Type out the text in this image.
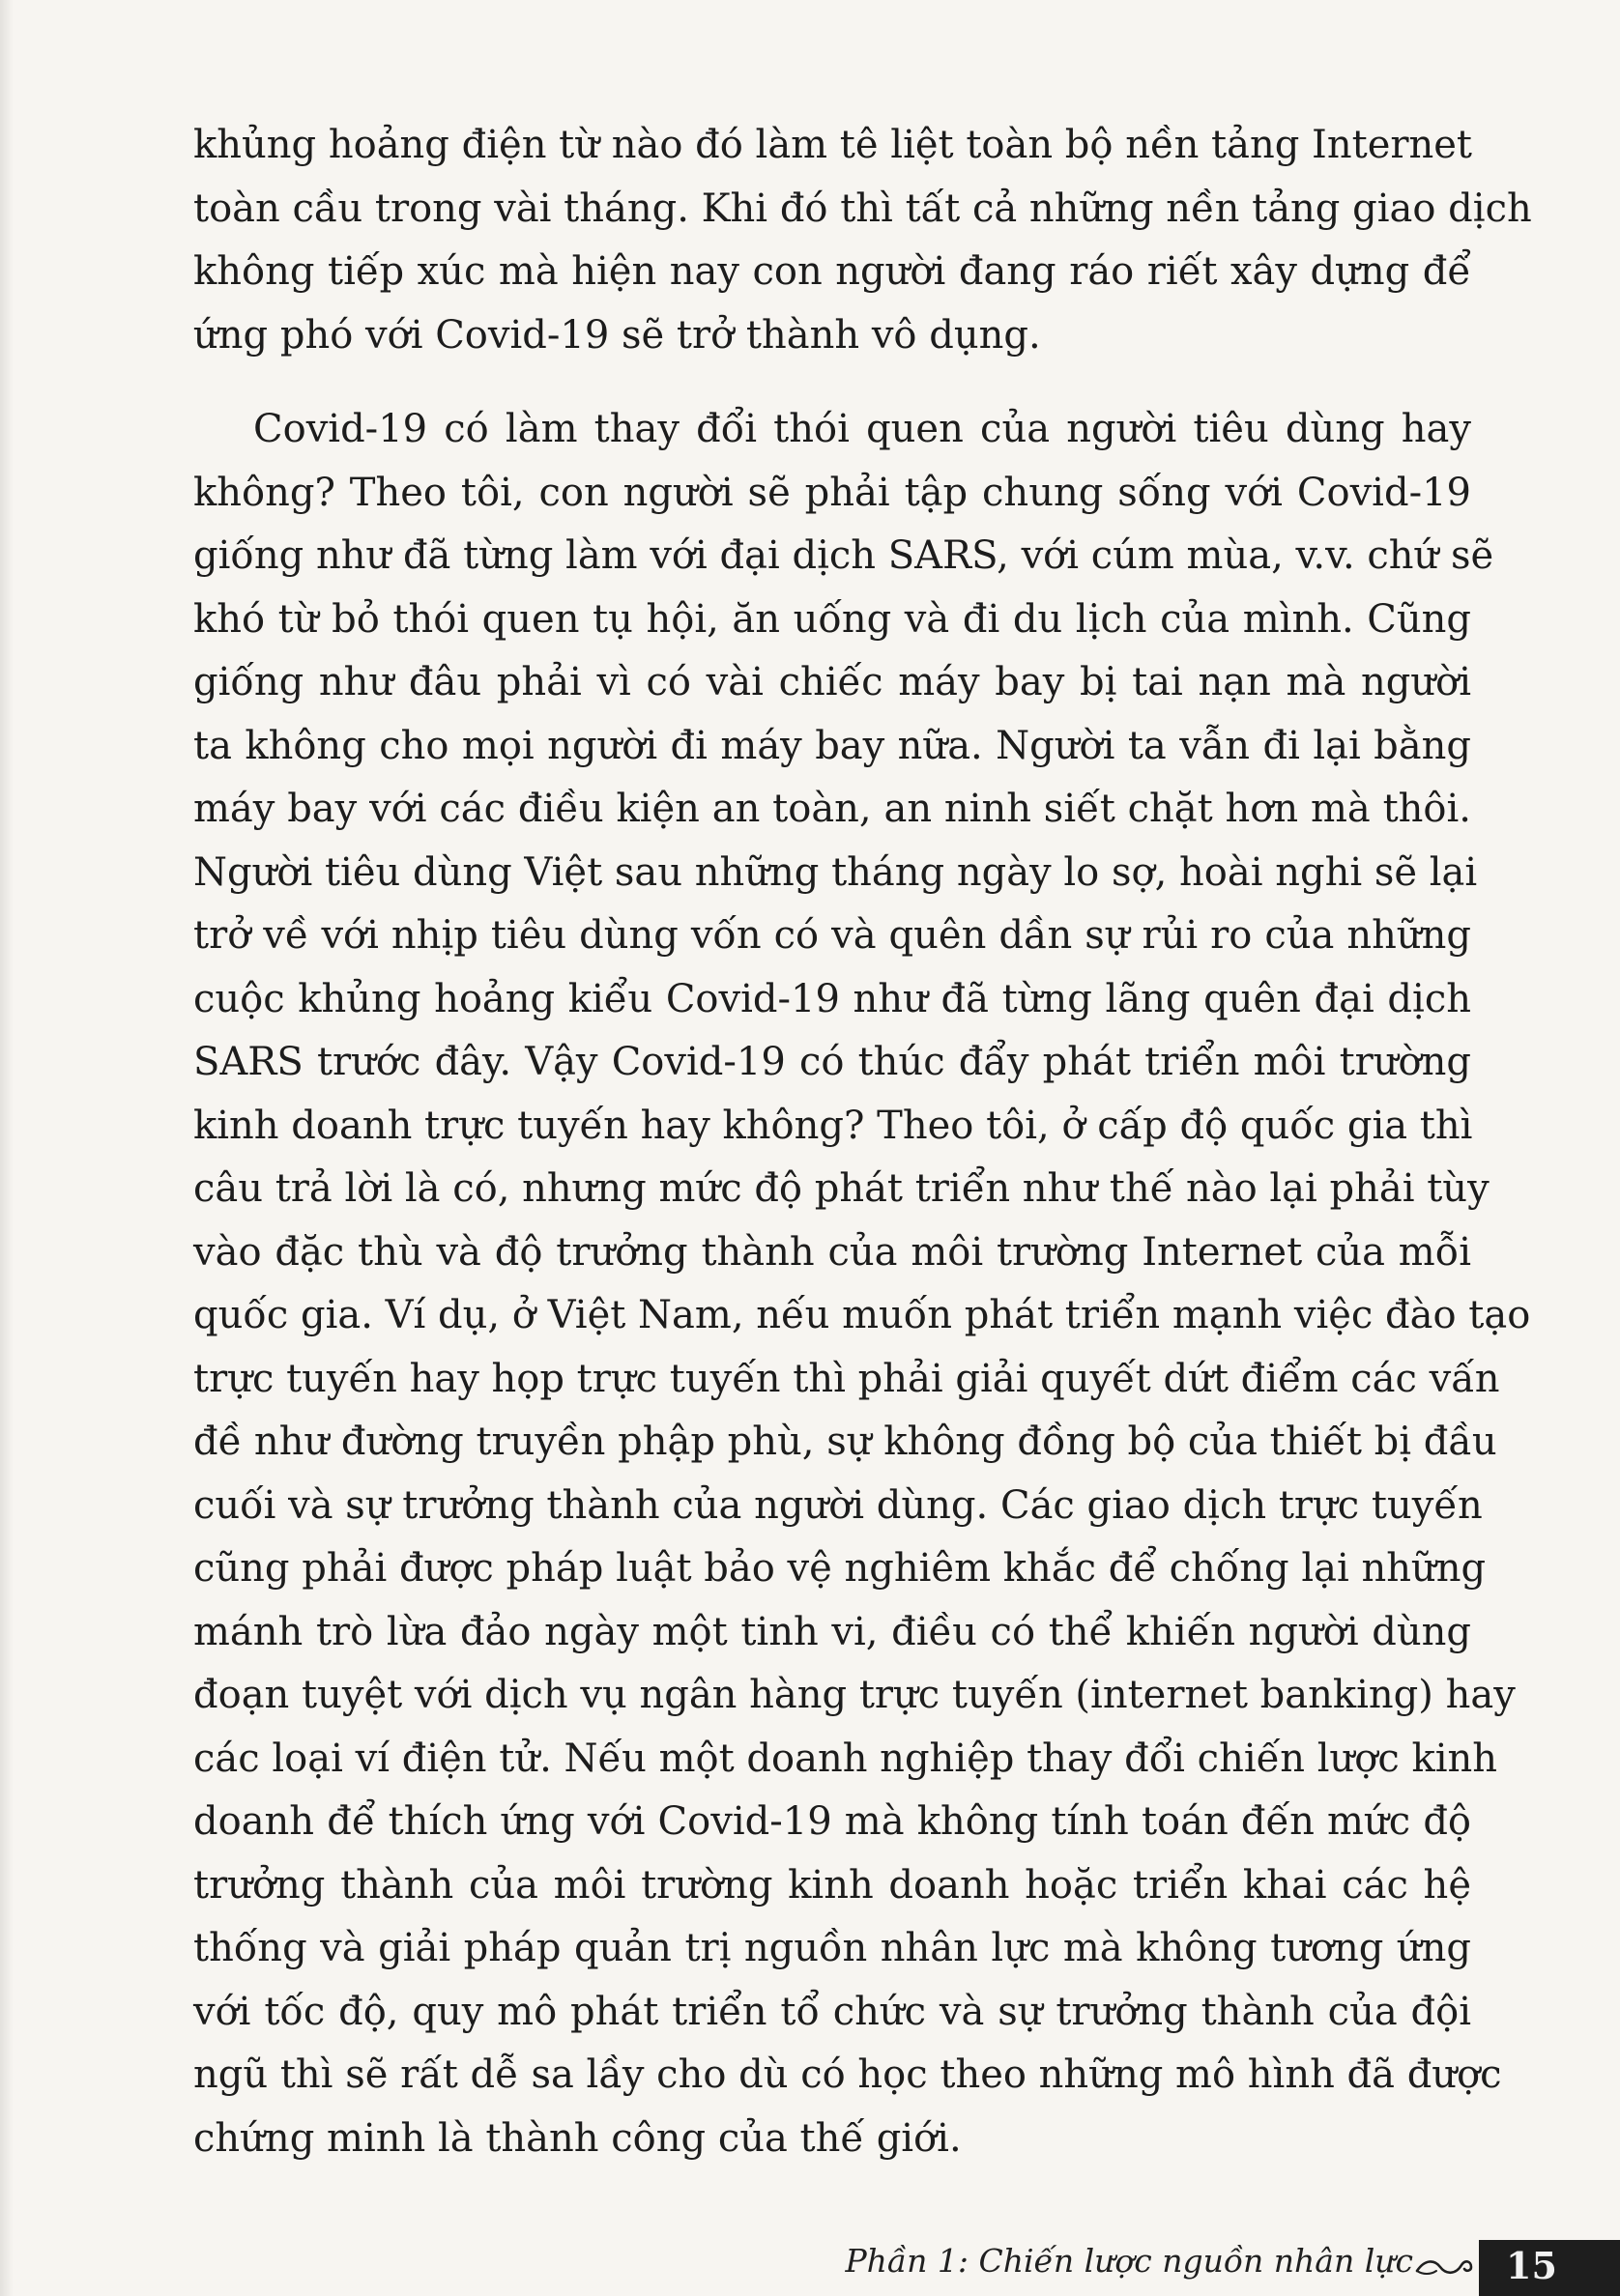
khủng hoảng điện từ nào đó làm tê liệt toàn bộ nền tảng Internet
toàn cầu trong vài tháng. Khi đó thì tất cả những nền tảng giao dịch
không tiếp xúc mà hiện nay con người đang ráo riết xây dựng để
ứng phó với Covid-19 sẽ trở thành vô dụng.
Covid-19 có làm thay đổi thói quen của người tiêu dùng hay
không? Theo tôi, con người sẽ phải tập chung sống với Covid-19
giống như đã từng làm với đại dịch SARS, với cúm mùa, v.v. chứ sẽ
khó từ bỏ thói quen tụ hội, ăn uống và đi du lịch của mình. Cũng
giống như đâu phải vì có vài chiếc máy bay bị tai nạn mà người
ta không cho mọi người đi máy bay nữa. Người ta vẫn đi lại bằng
máy bay với các điều kiện an toàn, an ninh siết chặt hơn mà thôi.
Người tiêu dùng Việt sau những tháng ngày lo sợ, hoài nghi sẽ lại
trở về với nhịp tiêu dùng vốn có và quên dần sự rủi ro của những
cuộc khủng hoảng kiểu Covid-19 như đã từng lãng quên đại dịch
SARS trước đây. Vậy Covid-19 có thúc đẩy phát triển môi trường
kinh doanh trực tuyến hay không? Theo tôi, ở cấp độ quốc gia thì
câu trả lời là có, nhưng mức độ phát triển như thế nào lại phải tùy
vào đặc thù và độ trưởng thành của môi trường Internet của mỗi
quốc gia. Ví dụ, ở Việt Nam, nếu muốn phát triển mạnh việc đào tạo
trực tuyến hay họp trực tuyến thì phải giải quyết dứt điểm các vấn
đề như đường truyền phập phù, sự không đồng bộ của thiết bị đầu
cuối và sự trưởng thành của người dùng. Các giao dịch trực tuyến
cũng phải được pháp luật bảo vệ nghiêm khắc để chống lại những
mánh trò lừa đảo ngày một tinh vi, điều có thể khiến người dùng
đoạn tuyệt với dịch vụ ngân hàng trực tuyến (internet banking) hay
các loại ví điện tử. Nếu một doanh nghiệp thay đổi chiến lược kinh
doanh để thích ứng với Covid-19 mà không tính toán đến mức độ
trưởng thành của môi trường kinh doanh hoặc triển khai các hệ
thống và giải pháp quản trị nguồn nhân lực mà không tương ứng
với tốc độ, quy mô phát triển tổ chức và sự trưởng thành của đội
ngũ thì sẽ rất dễ sa lầy cho dù có học theo những mô hình đã được
chứng minh là thành công của thế giới.
Phần 1: Chiến lược nguồn nhân lực	15
